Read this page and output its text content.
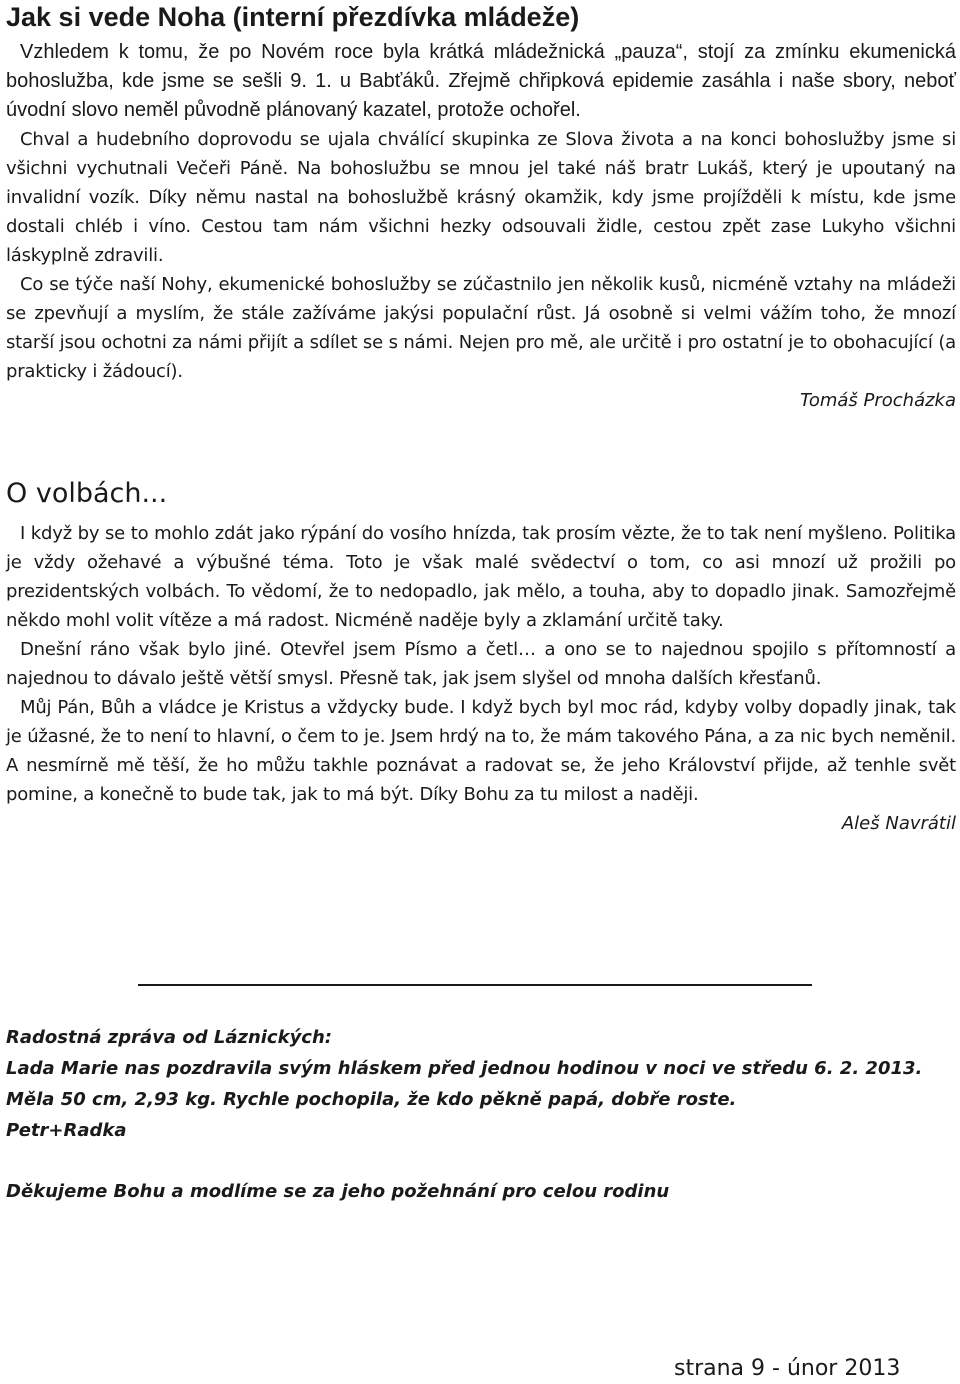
Jak si vede Noha (interní přezdívka mládeže)

Vzhledem k tomu, že po Novém roce byla krátká mládežnická „pauza“, stojí za zmínku ekumenická bohoslužba, kde jsme se sešli 9. 1. u Babťáků. Zřejmě chřipková epidemie zasáhla i naše sbory, neboť úvodní slovo neměl původně plánovaný kazatel, protože ochořel.

Chval a hudebního doprovodu se ujala chválící skupinka ze Slova života a na konci bohoslužby jsme si všichni vychutnali Večeři Páně. Na bohoslužbu se mnou jel také náš bratr Lukáš, který je upoutaný na invalidní vozík. Díky němu nastal na bohoslužbě krásný okamžik, kdy jsme projížděli k místu, kde jsme dostali chléb i víno. Cestou tam nám všichni hezky odsouvali židle, cestou zpět zase Lukyho všichni láskyplně zdravili.

Co se týče naší Nohy, ekumenické bohoslužby se zúčastnilo jen několik kusů, nicméně vztahy na mládeži se zpevňují a myslím, že stále zažíváme jakýsi populační růst. Já osobně si velmi vážím toho, že mnozí starší jsou ochotni za námi přijít a sdílet se s námi. Nejen pro mě, ale určitě i pro ostatní je to obohacující (a prakticky i žádoucí).

Tomáš Procházka

O volbách...

I když by se to mohlo zdát jako rýpání do vosího hnízda, tak prosím vězte, že to tak není myšleno. Politika je vždy ožehavé a výbušné téma. Toto je však malé svědectví o tom, co asi mnozí už prožili po prezidentských volbách. To vědomí, že to nedopadlo, jak mělo, a touha, aby to dopadlo jinak. Samozřejmě někdo mohl volit vítěze a má radost. Nicméně naděje byly a zklamání určitě taky.

Dnešní ráno však bylo jiné. Otevřel jsem Písmo a četl… a ono se to najednou spojilo s přítomností a najednou to dávalo ještě větší smysl. Přesně tak, jak jsem slyšel od mnoha dalších křesťanů.

Můj Pán, Bůh a vládce je Kristus a vždycky bude. I když bych byl moc rád, kdyby volby dopadly jinak, tak je úžasné, že to není to hlavní, o čem to je. Jsem hrdý na to, že mám takového Pána, a za nic bych neměnil. A nesmírně mě těší, že ho můžu takhle poznávat a radovat se, že jeho Království přijde, až tenhle svět pomine, a konečně to bude tak, jak to má být. Díky Bohu za tu milost a naději.

Aleš Navrátil

Radostná zpráva od Láznických:

Lada Marie nas pozdravila svým hláskem před jednou hodinou v noci ve středu 6. 2. 2013. Měla 50 cm, 2,93 kg. Rychle pochopila, že kdo pěkně papá, dobře roste.

Petr+Radka

Děkujeme Bohu a modlíme se za jeho požehnání pro celou rodinu

strana 9 - únor 2013
